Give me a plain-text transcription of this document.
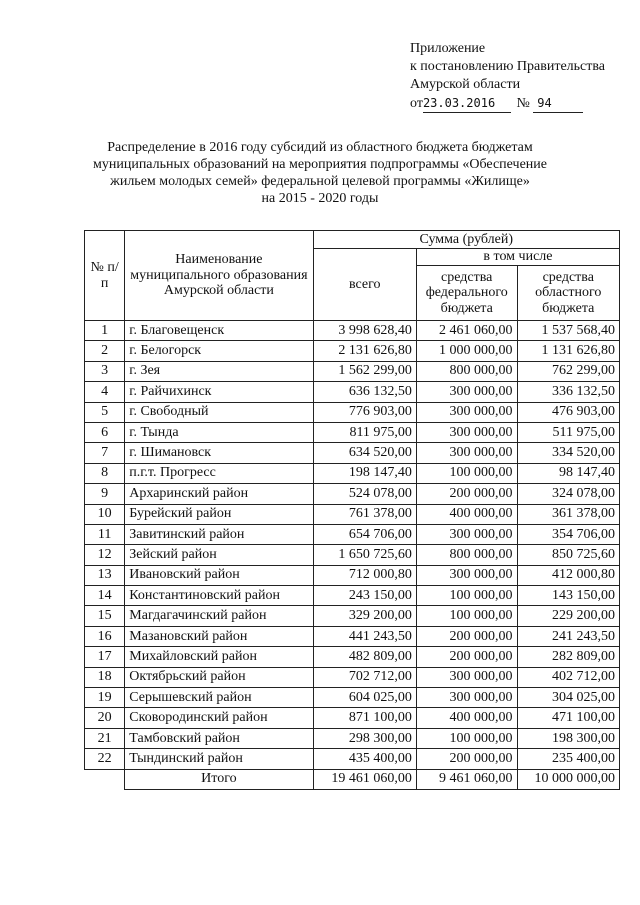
Приложение
к постановлению Правительства
Амурской области
от23.03.2016 № 94
Распределение в 2016 году субсидий из областного бюджета бюджетам
муниципальных образований на мероприятия подпрограммы «Обеспечение
жильем молодых семей» федеральной целевой программы «Жилище»
на 2015 - 2020 годы
№ п/п	Наименование муниципального образования Амурской области	Сумма (рублей)		
		всего	в том числе	
			средства федерального бюджета	средства областного бюджета
1	г. Благовещенск	3 998 628,40	2 461 060,00	1 537 568,40
2	г. Белогорск	2 131 626,80	1 000 000,00	1 131 626,80
3	г. Зея	1 562 299,00	800 000,00	762 299,00
4	г. Райчихинск	636 132,50	300 000,00	336 132,50
5	г. Свободный	776 903,00	300 000,00	476 903,00
6	г. Тында	811 975,00	300 000,00	511 975,00
7	г. Шимановск	634 520,00	300 000,00	334 520,00
8	п.г.т. Прогресс	198 147,40	100 000,00	98 147,40
9	Архаринский район	524 078,00	200 000,00	324 078,00
10	Бурейский район	761 378,00	400 000,00	361 378,00
11	Завитинский район	654 706,00	300 000,00	354 706,00
12	Зейский район	1 650 725,60	800 000,00	850 725,60
13	Ивановский район	712 000,80	300 000,00	412 000,80
14	Константиновский район	243 150,00	100 000,00	143 150,00
15	Магдагачинский район	329 200,00	100 000,00	229 200,00
16	Мазановский район	441 243,50	200 000,00	241 243,50
17	Михайловский район	482 809,00	200 000,00	282 809,00
18	Октябрьский район	702 712,00	300 000,00	402 712,00
19	Серышевский район	604 025,00	300 000,00	304 025,00
20	Сковородинский район	871 100,00	400 000,00	471 100,00
21	Тамбовский район	298 300,00	100 000,00	198 300,00
22	Тындинский район	435 400,00	200 000,00	235 400,00
	Итого	19 461 060,00	9 461 060,00	10 000 000,00
